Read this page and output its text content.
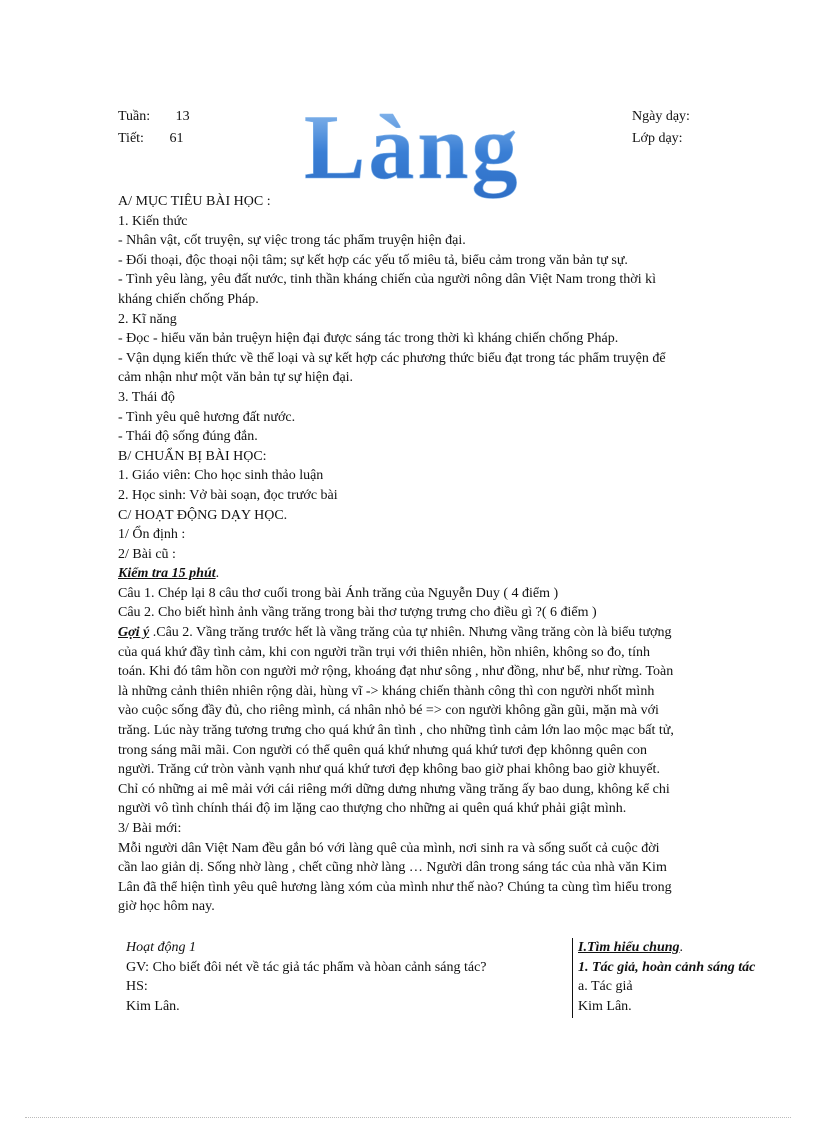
Tuần: 13
Tiết: 61
Ngày dạy:
Lớp dạy:
Làng

A/ MỤC TIÊU BÀI HỌC :

1. Kiến thức

- Nhân vật, cốt truyện, sự việc trong tác phẩm truyện hiện đại.

- Đối thoại, độc thoại nội tâm; sự kết hợp các yếu tố miêu tả, biểu cảm trong văn bản tự sự.

- Tình yêu làng, yêu đất nước, tinh thần kháng chiến của người nông dân Việt Nam trong thời kì

kháng chiến chống Pháp.

2. Kĩ năng

- Đọc - hiểu văn bản truệyn hiện đại được sáng tác trong thời kì kháng chiến chống Pháp.

- Vận dụng kiến thức về thể loại và sự kết hợp các phương thức biểu đạt trong tác phẩm truyện để

cảm nhận như một văn bản tự sự hiện đại.

3. Thái độ

- Tình yêu quê hương đất nước.

- Thái độ sống đúng đắn.

B/ CHUẨN BỊ BÀI HỌC:

1. Giáo viên: Cho học sinh thảo luận

2. Học sinh: Vở bài soạn, đọc trước bài

C/ HOẠT ĐỘNG DẠY HỌC.

1/ Ổn định :

2/ Bài cũ :

Kiểm tra 15 phút.

Câu 1. Chép lại 8 câu thơ cuối trong bài Ánh trăng của Nguyễn Duy ( 4 điểm )

Câu 2. Cho biết hình ảnh vầng trăng trong bài thơ tượng trưng cho điều gì ?( 6 điểm )

Gợi ý .Câu 2. Vầng trăng trước hết là vầng trăng của tự nhiên. Nhưng vầng trăng còn là biểu tượng

của quá khứ đầy tình cảm, khi con người trần trụi với thiên nhiên, hồn nhiên, không so đo, tính

toán. Khi đó tâm hồn con người mở rộng, khoáng đạt như sông , như đồng, như bể, như rừng. Toàn

là những cảnh thiên nhiên rộng dài, hùng vĩ -> kháng chiến thành công thì con người nhốt mình

vào cuộc sống đầy đủ, cho riêng mình, cá nhân nhỏ bé => con người không gần gũi, mặn mà với

trăng. Lúc này trăng tương trưng cho quá khứ ân tình , cho những tình cảm lớn lao mộc mạc bất tử,

trong sáng mãi mãi. Con người có thể quên quá khứ nhưng quá khứ tươi đẹp khônng quên con

người. Trăng cứ tròn vành vạnh như quá khứ tươi đẹp không bao giờ phai không bao giờ khuyết.

Chỉ có những ai mê mải với cái riêng mới dững dưng nhưng vầng trăng ấy bao dung, không kể chi

người vô tình chính thái độ im lặng cao thượng cho những ai quên quá khứ phải giật mình.

3/ Bài mới:

Mỗi người dân Việt Nam đều gắn bó với làng quê của mình, nơi sinh ra và sống suốt cả cuộc đời

cần lao giản dị. Sống nhờ làng , chết cũng nhờ làng … Người dân trong sáng tác của nhà văn Kim

Lân đã thể hiện tình yêu quê hương làng xóm của mình như thế nào? Chúng ta cùng tìm hiểu trong

giờ học hôm nay.

Hoạt động 1

GV: Cho biết đôi nét về tác giả tác phẩm và hòan cảnh sáng tác?

HS:

Kim Lân.

I.Tìm hiểu chung.

1. Tác giả, hoàn cảnh sáng tác

a. Tác giả

Kim Lân.
